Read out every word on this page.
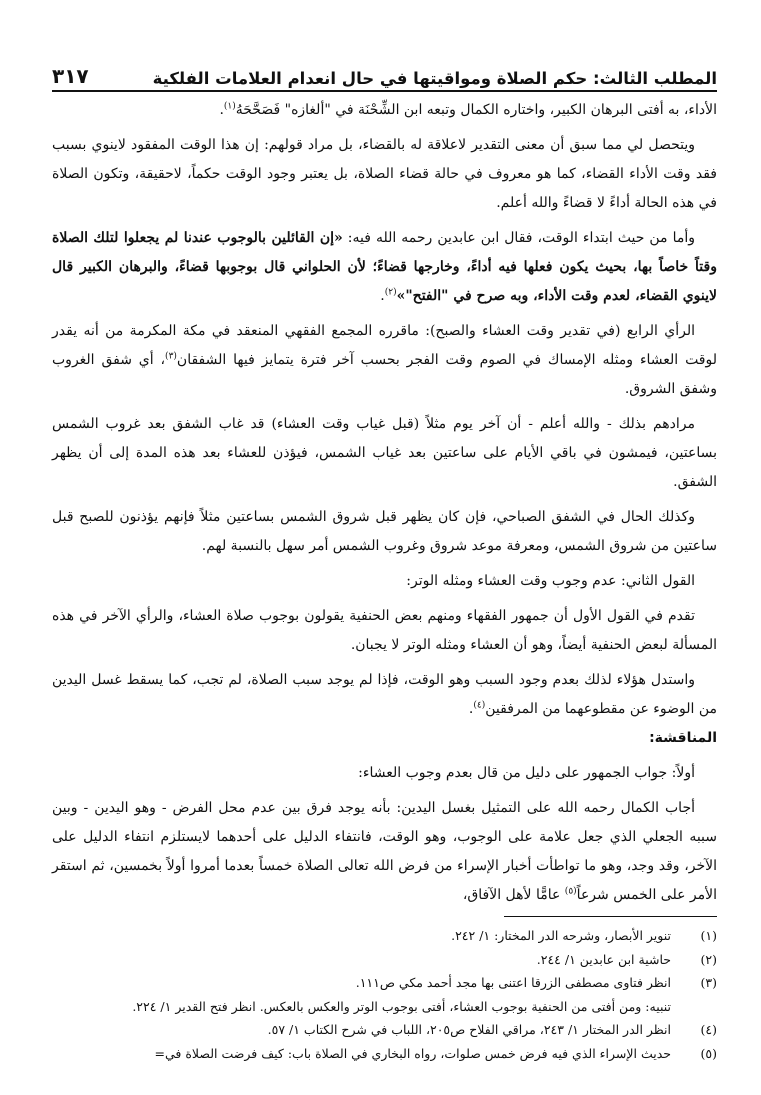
المطلب الثالث: حكم الصلاة ومواقيتها في حال انعدام العلامات الفلكية
٣١٧

الأداء، به أفتى البرهان الكبير، واختاره الكمال وتبعه ابن الشِّحْنَة في "ألغازه" فَصَحَّحَهُ$^{(١)}$.

ويتحصل لي مما سبق أن معنى التقدير لاعلاقة له بالقضاء، بل مراد قولهم: إن هذا الوقت المفقود لاينوي بسبب فقد وقت الأداء القضاء، كما هو معروف في حالة قضاء الصلاة، بل يعتبر وجود الوقت حكماً، لاحقيقة، وتكون الصلاة في هذه الحالة أداءً لا قضاءً والله أعلم.

وأما من حيث ابتداء الوقت، فقال ابن عابدين رحمه الله فيه: «إن القائلين بالوجوب عندنا لم يجعلوا لتلك الصلاة وقتاً خاصاً بها، بحيث يكون فعلها فيه أداءً، وخارجها قضاءً؛ لأن الحلواني قال بوجوبها قضاءً، والبرهان الكبير قال لاينوي القضاء، لعدم وقت الأداء، وبه صرح في "الفتح"»$^{(٢)}$.

الرأي الرابع (في تقدير وقت العشاء والصبح): ماقرره المجمع الفقهي المنعقد في مكة المكرمة من أنه يقدر لوقت العشاء ومثله الإمساك في الصوم وقت الفجر بحسب آخر فترة يتمايز فيها الشفقان$^{(٣)}$، أي شفق الغروب وشفق الشروق.

مرادهم بذلك - والله أعلم - أن آخر يوم مثلاً (قبل غياب وقت العشاء) قد غاب الشفق بعد غروب الشمس بساعتين، فيمشون في باقي الأيام على ساعتين بعد غياب الشمس، فيؤذن للعشاء بعد هذه المدة إلى أن يظهر الشفق.

وكذلك الحال في الشفق الصباحي، فإن كان يظهر قبل شروق الشمس بساعتين مثلاً فإنهم يؤذنون للصبح قبل ساعتين من شروق الشمس، ومعرفة موعد شروق وغروب الشمس أمر سهل بالنسبة لهم.

القول الثاني: عدم وجوب وقت العشاء ومثله الوتر:

تقدم في القول الأول أن جمهور الفقهاء ومنهم بعض الحنفية يقولون بوجوب صلاة العشاء، والرأي الآخر في هذه المسألة لبعض الحنفية أيضاً، وهو أن العشاء ومثله الوتر لا يجبان.

واستدل هؤلاء لذلك بعدم وجود السبب وهو الوقت، فإذا لم يوجد سبب الصلاة، لم تجب، كما يسقط غسل اليدين من الوضوء عن مقطوعهما من المرفقين$^{(٤)}$.

المناقشة:

أولاً: جواب الجمهور على دليل من قال بعدم وجوب العشاء:

أجاب الكمال رحمه الله على التمثيل بغسل اليدين: بأنه يوجد فرق بين عدم محل الفرض - وهو اليدين - وبين سببه الجعلي الذي جعل علامة على الوجوب، وهو الوقت، فانتفاء الدليل على أحدهما لايستلزم انتفاء الدليل على الآخر، وقد وجد، وهو ما تواطأت أخبار الإسراء من فرض الله تعالى الصلاة خمساً بعدما أمروا أولاً بخمسين، ثم استقر الأمر على الخمس شرعاً$^{(٥)}$ عامًّا لأهل الآفاق،

(١)
تنوير الأبصار، وشرحه الدر المختار: ١/ ٢٤٢.
(٢)
حاشية ابن عابدين ١/ ٢٤٤.
(٣)
انظر فتاوى مصطفى الزرقا اعتنى بها مجد أحمد مكي ص١١١.
تنبيه: ومن أفتى من الحنفية بوجوب العشاء، أفتى بوجوب الوتر والعكس بالعكس. انظر فتح القدير ١/ ٢٢٤.
(٤)
انظر الدر المختار ١/ ٢٤٣، مراقي الفلاح ص٢٠٥، اللباب في شرح الكتاب ١/ ٥٧.
(٥)
حديث الإسراء الذي فيه فرض خمس صلوات، رواه البخاري في الصلاة باب: كيف فرضت الصلاة في=
